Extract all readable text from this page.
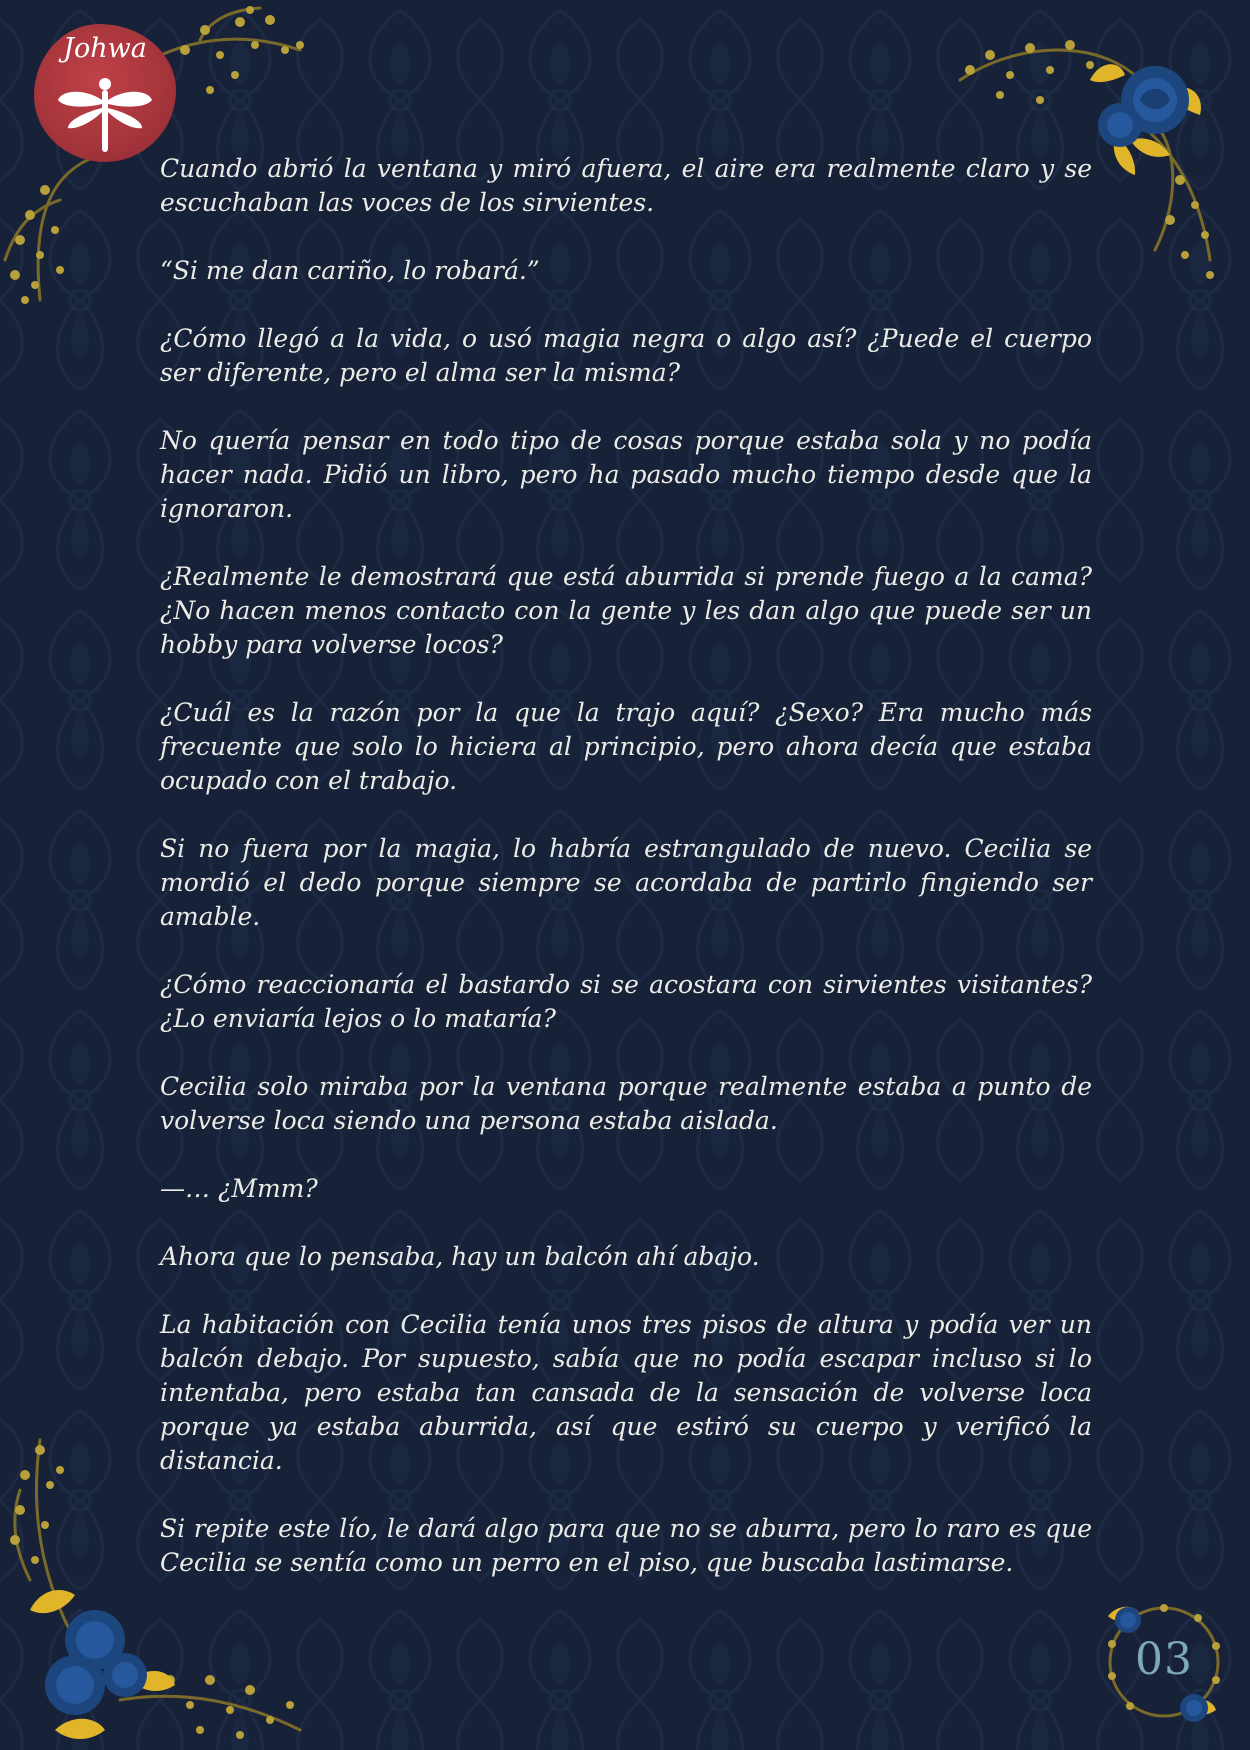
Johwa

Cuando abrió la ventana y miró afuera, el aire era realmente claro y se escuchaban las voces de los sirvientes.

“Si me dan cariño, lo robará.”

¿Cómo llegó a la vida, o usó magia negra o algo así? ¿Puede el cuerpo ser diferente, pero el alma ser la misma?

No quería pensar en todo tipo de cosas porque estaba sola y no podía hacer nada. Pidió un libro, pero ha pasado mucho tiempo desde que la ignoraron.

¿Realmente le demostrará que está aburrida si prende fuego a la cama? ¿No hacen menos contacto con la gente y les dan algo que puede ser un hobby para volverse locos?

¿Cuál es la razón por la que la trajo aquí? ¿Sexo? Era mucho más frecuente que solo lo hiciera al principio, pero ahora decía que estaba ocupado con el trabajo.

Si no fuera por la magia, lo habría estrangulado de nuevo. Cecilia se mordió el dedo porque siempre se acordaba de partirlo fingiendo ser amable.

¿Cómo reaccionaría el bastardo si se acostara con sirvientes visitantes? ¿Lo enviaría lejos o lo mataría?

Cecilia solo miraba por la ventana porque realmente estaba a punto de volverse loca siendo una persona estaba aislada.

—… ¿Mmm?

Ahora que lo pensaba, hay un balcón ahí abajo.

La habitación con Cecilia tenía unos tres pisos de altura y podía ver un balcón debajo. Por supuesto, sabía que no podía escapar incluso si lo intentaba, pero estaba tan cansada de la sensación de volverse loca porque ya estaba aburrida, así que estiró su cuerpo y verificó la distancia.

Si repite este lío, le dará algo para que no se aburra, pero lo raro es que Cecilia se sentía como un perro en el piso, que buscaba lastimarse.

03
